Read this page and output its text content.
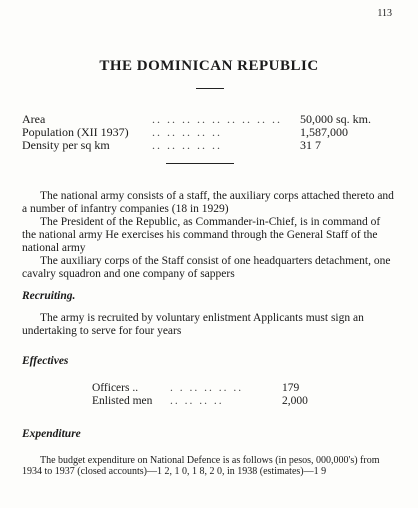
113
THE DOMINICAN REPUBLIC
Area	.. .. .. .. .. .. .. .. .. 50,000 sq. km.
Population (XII 1937) .. .. .. .. ..	1,587,000
Density per sq km	.. .. .. .. ..	31 7
The national army consists of a staff, the auxiliary corps attached thereto and a number of infantry companies (18 in 1929)
The President of the Republic, as Commander-in-Chief, is in command of the national army He exercises his command through the General Staff of the national army
The auxiliary corps of the Staff consist of one headquarters detachment, one cavalry squadron and one company of sappers
Recruiting.
The army is recruited by voluntary enlistment Applicants must sign an undertaking to serve for four years
Effectives
Officers ..	. . .. .. .. ..	179
Enlisted men .. .. .. ..	2,000
Expenditure
The budget expenditure on National Defence is as follows (in pesos, 000,000's) from 1934 to 1937 (closed accounts)—1 2, 1 0, 1 8, 2 0, in 1938 (estimates)—1 9
